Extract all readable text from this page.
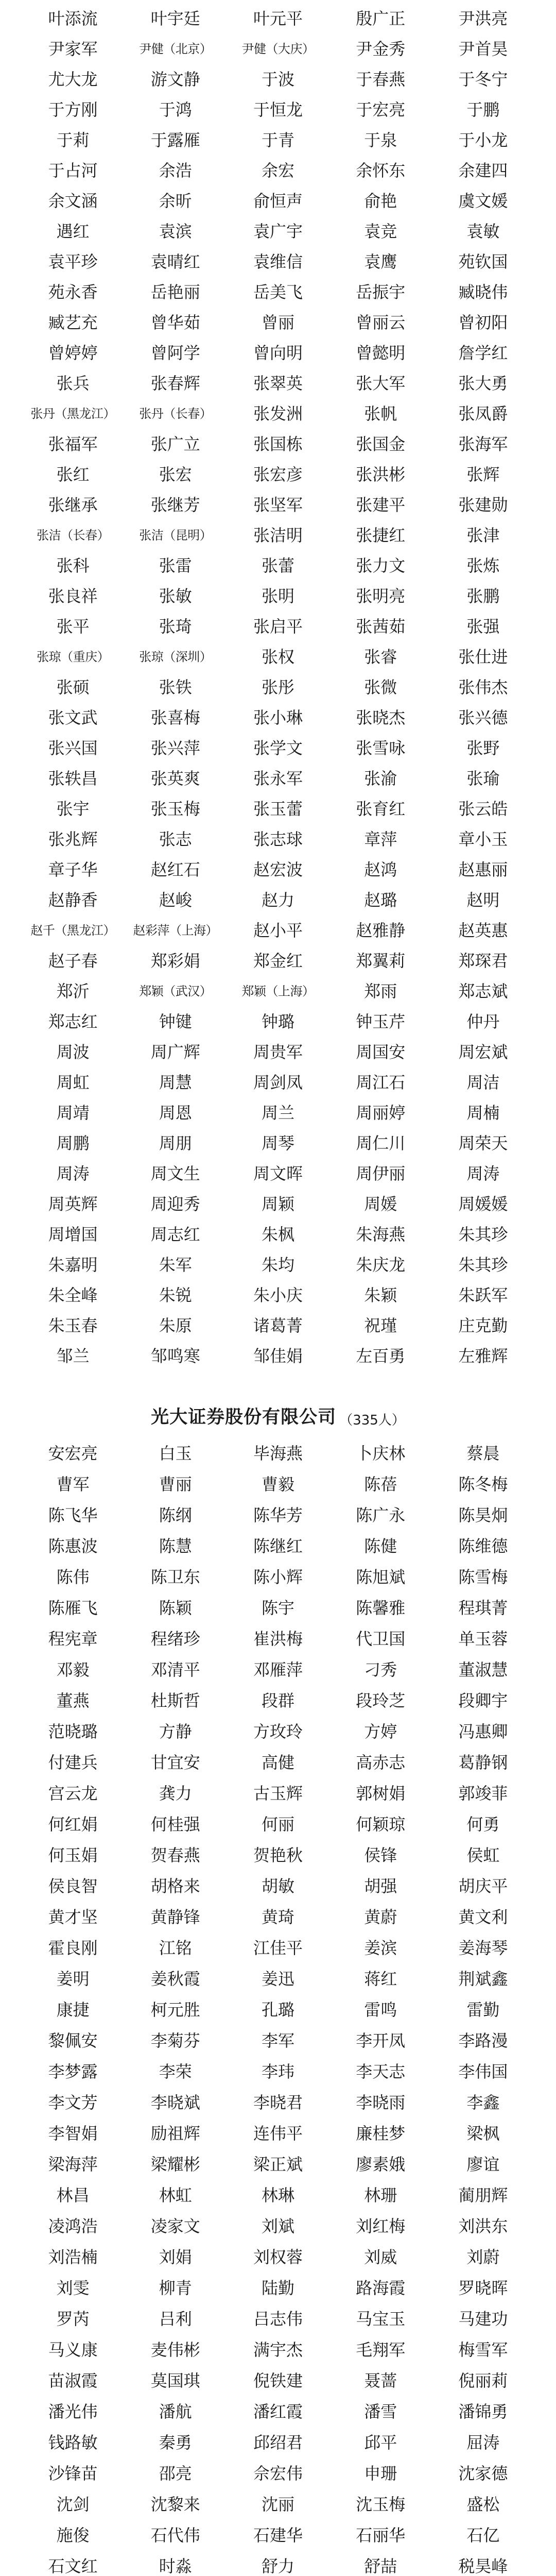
叶添流	叶宇廷	叶元平	殷广正	尹洪亮
尹家军	尹健（北京）	尹健（大庆）	尹金秀	尹首昊
尤大龙	游文静	于波	于春燕	于冬宁
于方刚	于鸿	于恒龙	于宏亮	于鹏
于莉	于露雁	于青	于泉	于小龙
于占河	余浩	余宏	余怀东	余建四
余文涵	余昕	俞恒声	俞艳	虞文媛
遇红	袁滨	袁广宇	袁竞	袁敏
袁平珍	袁晴红	袁维信	袁鹰	苑钦国
苑永香	岳艳丽	岳美飞	岳振宇	臧晓伟
臧艺充	曾华茹	曾丽	曾丽云	曾初阳
曾婷婷	曾阿学	曾向明	曾懿明	詹学红
张兵	张春辉	张翠英	张大军	张大勇
张丹（黑龙江）	张丹（长春）	张发洲	张帆	张凤爵
张福军	张广立	张国栋	张国金	张海军
张红	张宏	张宏彦	张洪彬	张辉
张继承	张继芳	张坚军	张建平	张建勋
张洁（长春）	张洁（昆明）	张洁明	张捷红	张津
张科	张雷	张蕾	张力文	张炼
张良祥	张敏	张明	张明亮	张鹏
张平	张琦	张启平	张茜茹	张强
张琼（重庆）	张琼（深圳）	张权	张睿	张仕进
张硕	张铁	张彤	张微	张伟杰
张文武	张喜梅	张小琳	张晓杰	张兴德
张兴国	张兴萍	张学文	张雪咏	张野
张轶昌	张英爽	张永军	张渝	张瑜
张宇	张玉梅	张玉蕾	张育红	张云皓
张兆辉	张志	张志球	章萍	章小玉
章子华	赵红石	赵宏波	赵鸿	赵惠丽
赵静香	赵峻	赵力	赵璐	赵明
赵千（黑龙江）	赵彩萍（上海）	赵小平	赵雅静	赵英惠
赵子春	郑彩娟	郑金红	郑翼莉	郑琛君
郑沂	郑颖（武汉）	郑颖（上海）	郑雨	郑志斌
郑志红	钟键	钟璐	钟玉芹	仲丹
周波	周广辉	周贵军	周国安	周宏斌
周虹	周慧	周剑凤	周江石	周洁
周靖	周恩	周兰	周丽婷	周楠
周鹏	周朋	周琴	周仁川	周荣天
周涛	周文生	周文晖	周伊丽	周涛
周英辉	周迎秀	周颖	周媛	周媛媛
周增国	周志红	朱枫	朱海燕	朱其珍
朱嘉明	朱军	朱均	朱庆龙	朱其珍
朱全峰	朱锐	朱小庆	朱颖	朱跃军
朱玉春	朱原	诸葛菁	祝瑾	庄克勤
邹兰	邹鸣寒	邹佳娟	左百勇	左雅辉
光大证券股份有限公司 （335人）
安宏亮	白玉	毕海燕	卜庆林	蔡晨
曹军	曹丽	曹毅	陈蓓	陈冬梅
陈飞华	陈纲	陈华芳	陈广永	陈昊炯
陈惠波	陈慧	陈继红	陈健	陈维德
陈伟	陈卫东	陈小辉	陈旭斌	陈雪梅
陈雁飞	陈颖	陈宇	陈馨雅	程琪菁
程宪章	程绪珍	崔洪梅	代卫国	单玉蓉
邓毅	邓清平	邓雁萍	刁秀	董淑慧
董燕	杜斯哲	段群	段玲芝	段卿宇
范晓璐	方静	方玫玲	方婷	冯惠卿
付建兵	甘宜安	高健	高赤志	葛静钢
宫云龙	龚力	古玉辉	郭树娟	郭竣菲
何红娟	何桂强	何丽	何颖琼	何勇
何玉娟	贺春燕	贺艳秋	侯锋	侯虹
侯良智	胡格来	胡敏	胡强	胡庆平
黄才坚	黄静锋	黄琦	黄蔚	黄文利
霍良刚	江铭	江佳平	姜滨	姜海琴
姜明	姜秋霞	姜迅	蒋红	荆斌鑫
康捷	柯元胜	孔璐	雷鸣	雷勤
黎佩安	李菊芬	李军	李开凤	李路漫
李梦露	李荣	李玮	李天志	李伟国
李文芳	李晓斌	李晓君	李晓雨	李鑫
李智娟	励祖辉	连伟平	廉桂梦	梁枫
梁海萍	梁耀彬	梁正斌	廖素娥	廖谊
林昌	林虹	林琳	林珊	蔺朋辉
凌鸿浩	凌家文	刘斌	刘红梅	刘洪东
刘浩楠	刘娟	刘权蓉	刘威	刘蔚
刘雯	柳青	陆勤	路海霞	罗晓晖
罗芮	吕利	吕志伟	马宝玉	马建功
马义康	麦伟彬	满宇杰	毛翔军	梅雪军
苗淑霞	莫国琪	倪铁建	聂蔷	倪丽莉
潘光伟	潘航	潘红霞	潘雪	潘锦勇
钱路敏	秦勇	邱绍君	邱平	屈涛
沙锋苗	邵亮	佘宏伟	申珊	沈家德
沈剑	沈黎来	沈丽	沈玉梅	盛松
施俊	石代伟	石建华	石丽华	石亿
石文红	时淼	舒力	舒喆	税昊峰
